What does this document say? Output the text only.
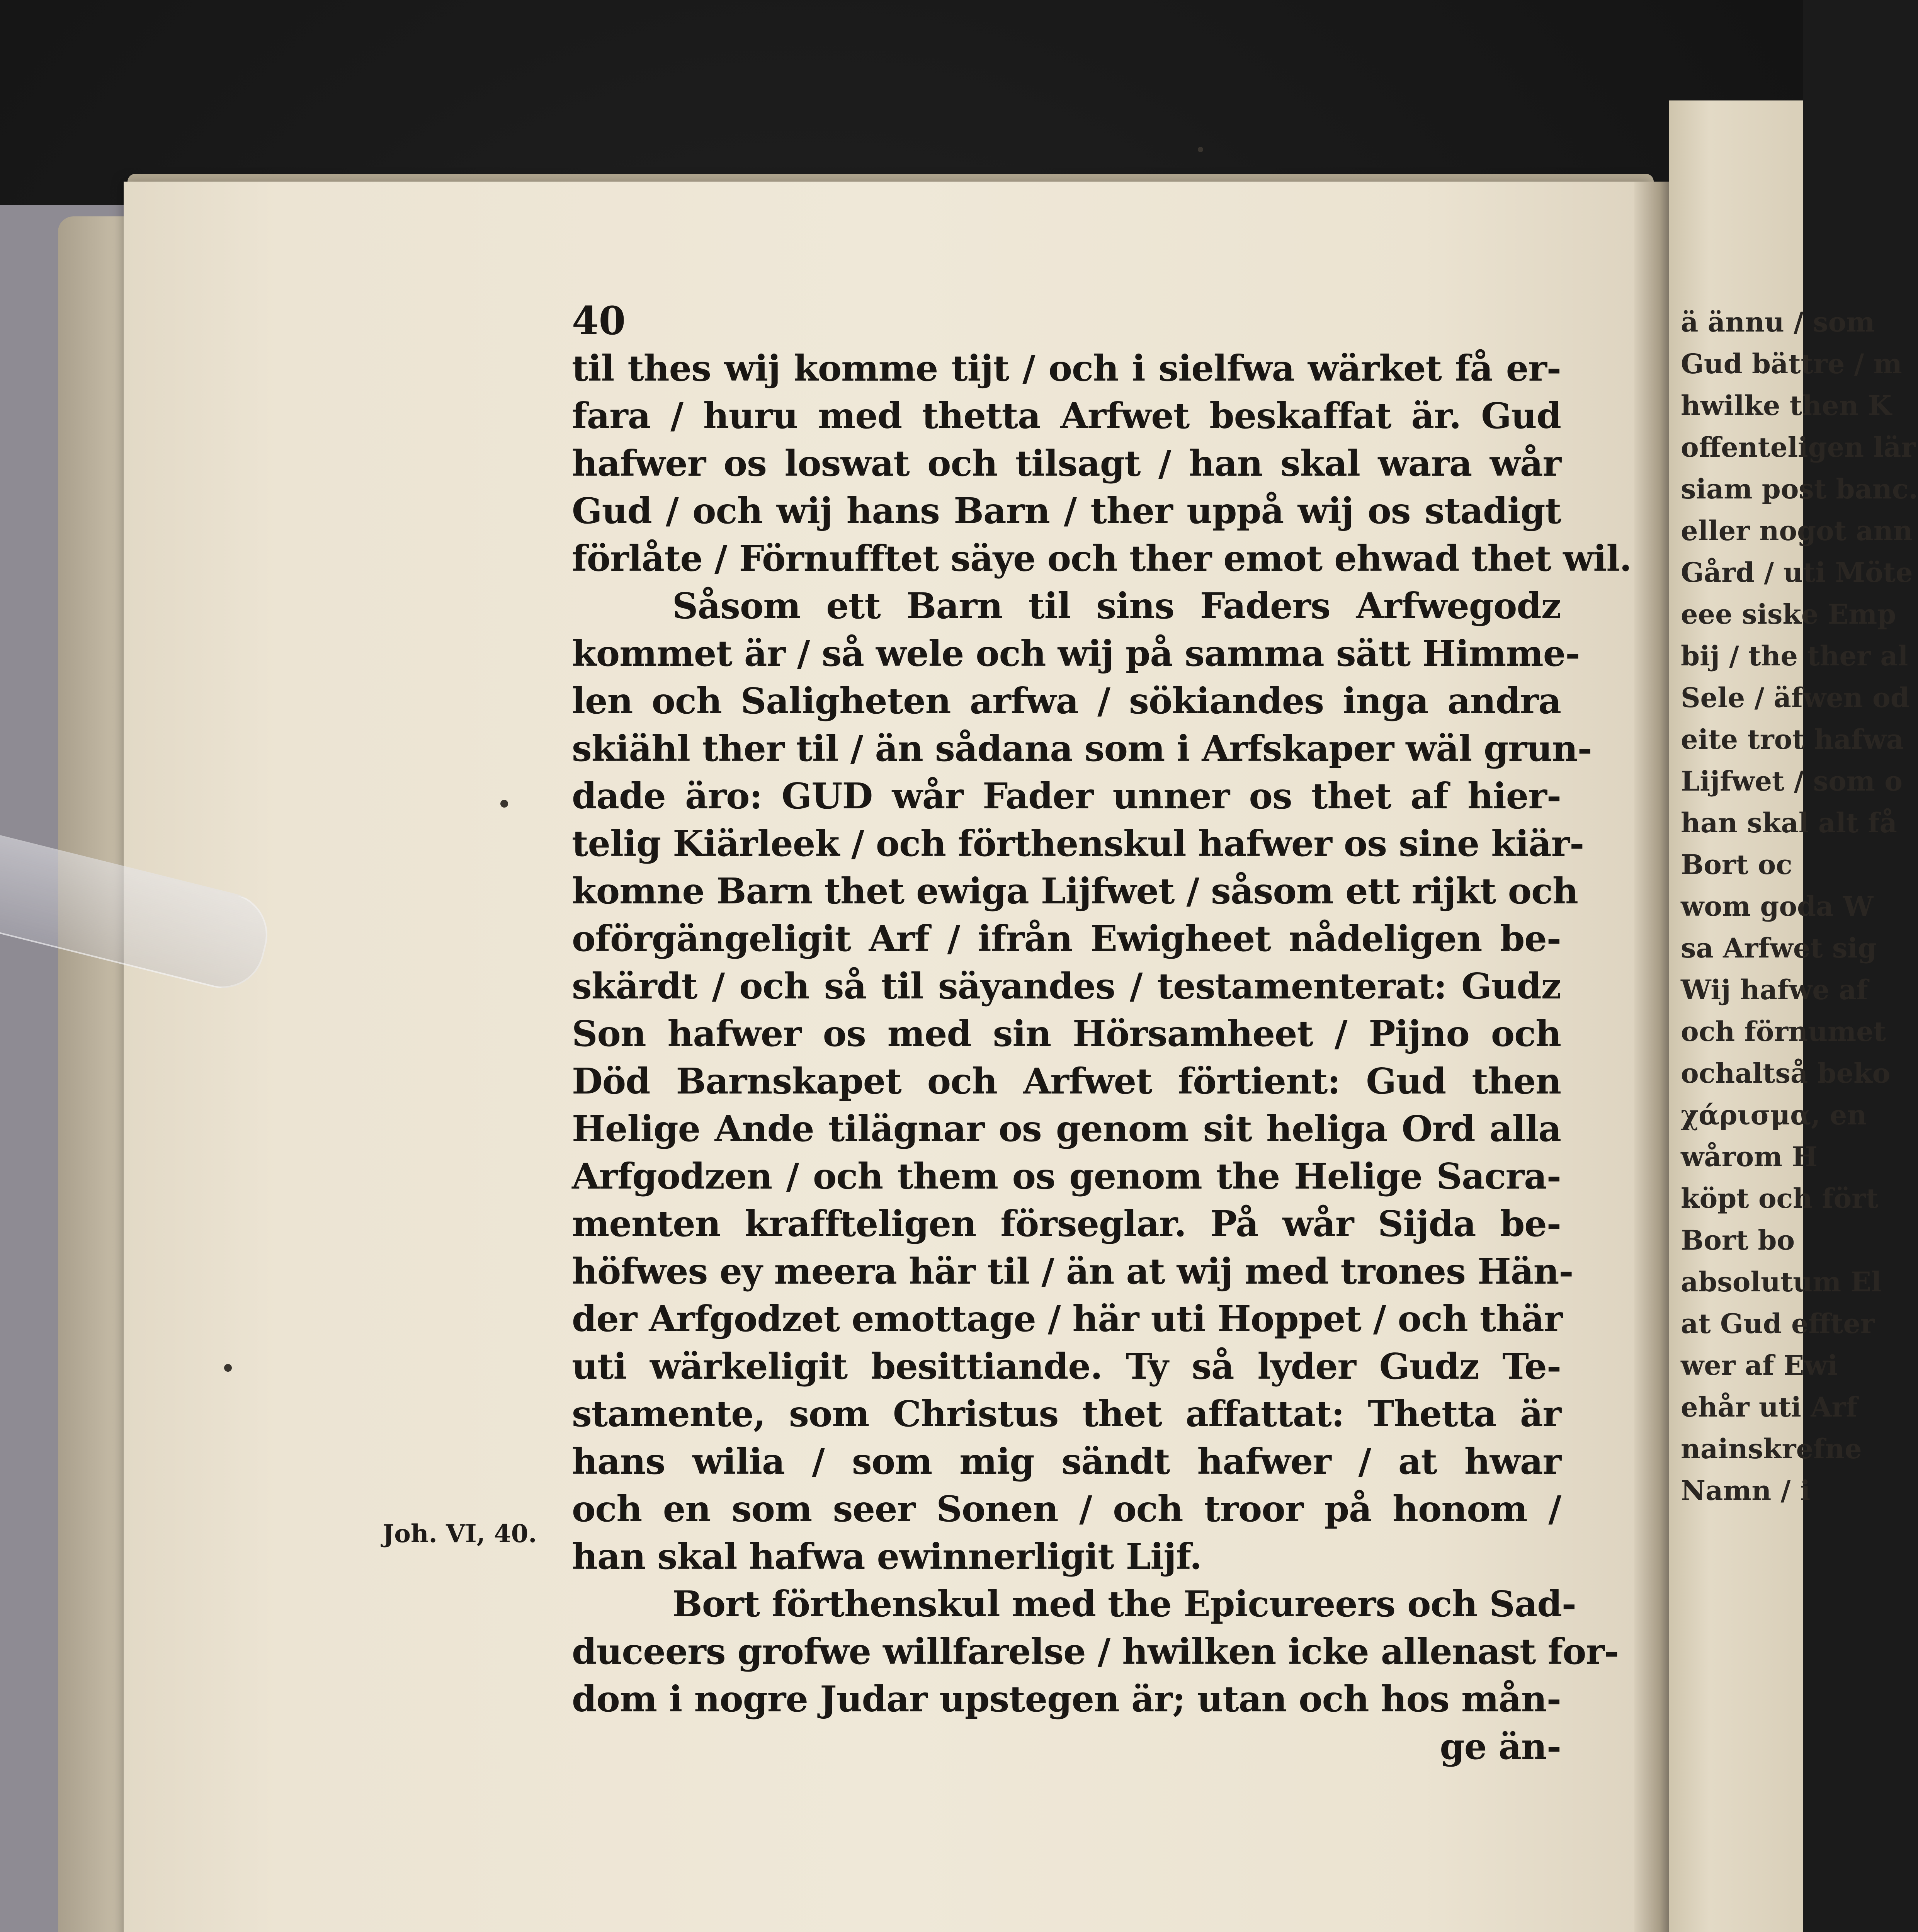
ä ännu / som
Gud bättre / m
hwilke then K
offenteligen lär
siam post banc.
eller nogot ann
Gård / uti Möte
eee siske Emp
bij / the ther al
Sele / äfwen od
eite trot hafwa
Lijfwet / som o
han skal alt få
Bort oc
wom goda W
sa Arfwet sig
Wij hafwe af
och förnumet
ochaltså beko
χάρισμα, en
wårom H
köpt och fört
Bort bo
absolutum El
at Gud effter
wer af Ewi
ehår uti Arf
nainskrefne
Namn / i
40
til thes wij komme tijt / och i sielfwa wärket få er-
fara / huru med thetta Arfwet beskaffat är. Gud
hafwer os loswat och tilsagt / han skal wara wår
Gud / och wij hans Barn / ther uppå wij os stadigt
förlåte / Förnufftet säye och ther emot ehwad thet wil.
Såsom ett Barn til sins Faders Arfwegodz
kommet är / så wele och wij på samma sätt Himme-
len och Saligheten arfwa / sökiandes inga andra
skiähl ther til / än sådana som i Arfskaper wäl grun-
dade äro: GUD wår Fader unner os thet af hier-
telig Kiärleek / och förthenskul hafwer os sine kiär-
komne Barn thet ewiga Lijfwet / såsom ett rijkt och
oförgängeligit Arf / ifrån Ewigheet nådeligen be-
skärdt / och så til säyandes / testamenterat: Gudz
Son hafwer os med sin Hörsamheet / Pijno och
Död Barnskapet och Arfwet förtient: Gud then
Helige Ande tilägnar os genom sit heliga Ord alla
Arfgodzen / och them os genom the Helige Sacra-
menten kraffteligen förseglar. På wår Sijda be-
höfwes ey meera här til / än at wij med trones Hän-
der Arfgodzet emottage / här uti Hoppet / och thär
uti wärkeligit besittiande. Ty så lyder Gudz Te-
stamente, som Christus thet affattat: Thetta är
hans wilia / som mig sändt hafwer / at hwar
och en som seer Sonen / och troor på honom /
han skal hafwa ewinnerligit Lijf.
Bort förthenskul med the Epicureers och Sad-
duceers grofwe willfarelse / hwilken icke allenast for-
dom i nogre Judar upstegen är; utan och hos mån-
ge än-
Joh. VI, 40.
